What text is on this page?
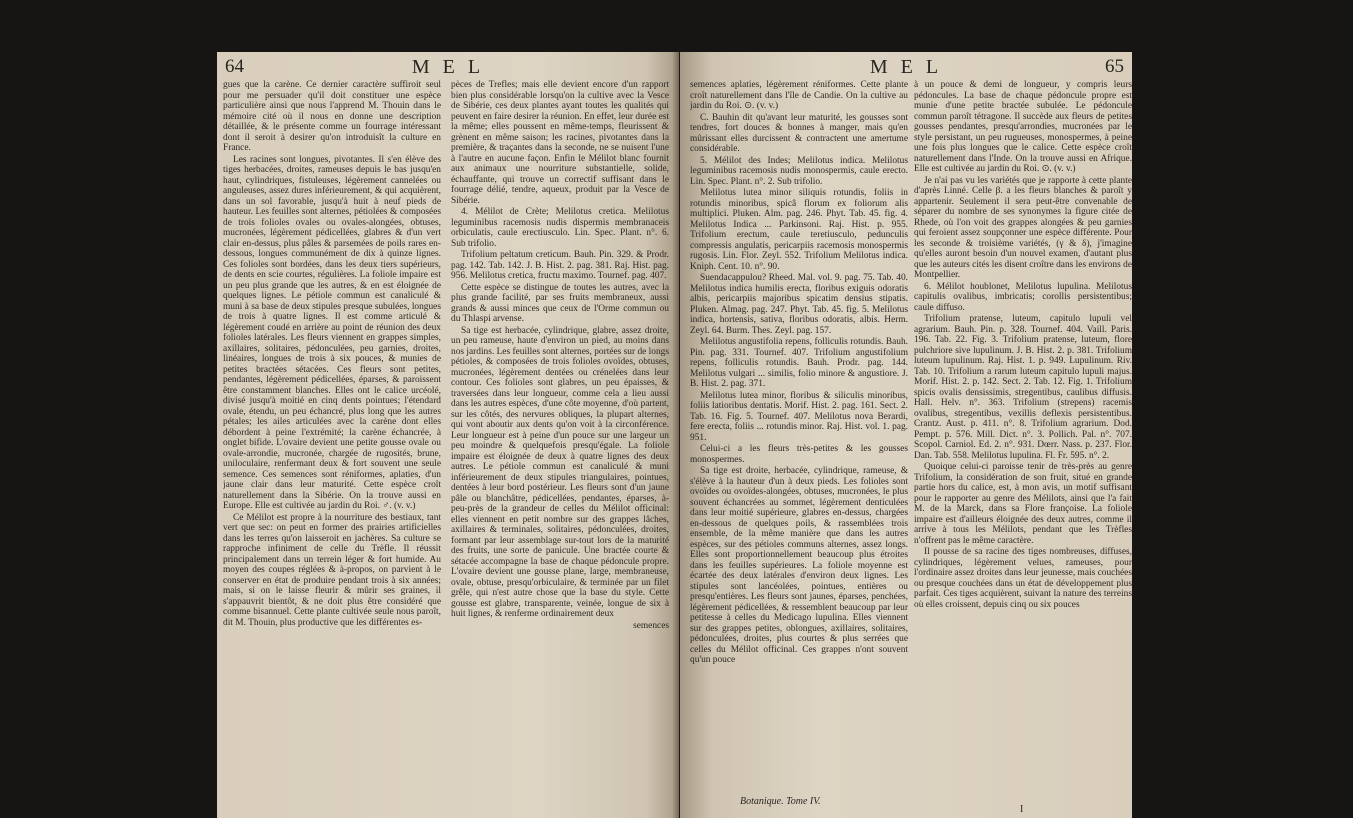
64	M E L

gues que la carène. Ce dernier caractère suffiroit seul pour me persuader qu'il doit constituer une espèce particulière ainsi que nous l'apprend M. Thouin dans le mémoire cité où il nous en donne une description détaillée, & le présente comme un fourrage intéressant dont il seroit à desirer qu'on introduisît la culture en France.

Les racines sont longues, pivotantes. Il s'en élève des tiges herbacées, droites, rameuses depuis le bas jusqu'en haut, cylindriques, fistuleuses, légèrement cannelées ou anguleuses, assez dures inférieurement, & qui acquièrent, dans un sol favorable, jusqu'à huit à neuf pieds de hauteur. Les feuilles sont alternes, pétiolées & composées de trois folioles ovales ou ovales-alongées, obtuses, mucronées, légèrement pédicellées, glabres & d'un vert clair en-dessus, plus pâles & parsemées de poils rares en-dessous, longues communément de dix à quinze lignes. Ces folioles sont bordées, dans les deux tiers supérieurs, de dents en scie courtes, régulières. La foliole impaire est un peu plus grande que les autres, & en est éloignée de quelques lignes. Le pétiole commun est canaliculé & muni à sa base de deux stipules presque subulées, longues de trois à quatre lignes. Il est comme articulé & légèrement coudé en arrière au point de réunion des deux folioles latérales. Les fleurs viennent en grappes simples, axillaires, solitaires, pédonculées, peu garnies, droites, linéaires, longues de trois à six pouces, & munies de petites bractées sétacées. Ces fleurs sont petites, pendantes, légèrement pédicellées, éparses, & paroissent être constamment blanches. Elles ont le calice urcéolé, divisé jusqu'à moitié en cinq dents pointues; l'étendard ovale, étendu, un peu échancré, plus long que les autres pétales; les ailes articulées avec la carène dont elles débordent à peine l'extrémité; la carène échancrée, à onglet bifide. L'ovaire devient une petite gousse ovale ou ovale-arrondie, mucronée, chargée de rugosités, brune, uniloculaire, renfermant deux & fort souvent une seule semence. Ces semences sont réniformes, aplaties, d'un jaune clair dans leur maturité. Cette espèce croît naturellement dans la Sibérie. On la trouve aussi en Europe. Elle est cultivée au jardin du Roi. ♂. (v. v.)

Ce Mélilot est propre à la nourriture des bestiaux, tant vert que sec: on peut en former des prairies artificielles dans les terres qu'on laisseroit en jachères. Sa culture se rapproche infiniment de celle du Trèfle. Il réussit principalement dans un terrein léger & fort humide. Au moyen des coupes réglées & à-propos, on parvient à le conserver en état de produire pendant trois à six années; mais, si on le laisse fleurir & mûrir ses graines, il s'appauvrit bientôt, & ne doit plus être considéré que comme bisannuel. Cette plante cultivée seule nous paroît, dit M. Thouin, plus productive que les différentes es-

pèces de Trefles; mais elle devient encore d'un rapport bien plus considérable lorsqu'on la cultive avec la Vesce de Sibérie, ces deux plantes ayant toutes les qualités qui peuvent en faire desirer la réunion. En effet, leur durée est la même; elles poussent en même-temps, fleurissent & grènent en même saison; les racines, pivotantes dans la première, & traçantes dans la seconde, ne se nuisent l'une à l'autre en aucune façon. Enfin le Mélilot blanc fournit aux animaux une nourriture substantielle, solide, échauffante, qui trouve un correctif suffisant dans le fourrage délié, tendre, aqueux, produit par la Vesce de Sibérie.

4. Mélilot de Crète; Melilotus cretica. Melilotus leguminibus racemosis nudis dispermis membranaceis orbiculatis, caule erectiusculo. Lin. Spec. Plant. n°. 6. Sub trifolio.

Trifolium peltatum creticum. Bauh. Pin. 329. & Prodr. pag. 142. Tab. 142. J. B. Hist. 2. pag. 381. Raj. Hist. pag. 956. Melilotus cretica, fructu maximo. Tournef. pag. 407.

Cette espèce se distingue de toutes les autres, avec la plus grande facilité, par ses fruits membraneux, aussi grands & aussi minces que ceux de l'Orme commun ou du Thlaspi arvense.

Sa tige est herbacée, cylindrique, glabre, assez droite, un peu rameuse, haute d'environ un pied, au moins dans nos jardins. Les feuilles sont alternes, portées sur de longs pétioles, & composées de trois folioles ovoïdes, obtuses, mucronées, légèrement dentées ou crénelées dans leur contour. Ces folioles sont glabres, un peu épaisses, & traversées dans leur longueur, comme cela a lieu aussi dans les autres espèces, d'une côte moyenne, d'où partent, sur les côtés, des nervures obliques, la plupart alternes, qui vont aboutir aux dents qu'on voit à la circonférence. Leur longueur est à peine d'un pouce sur une largeur un peu moindre & quelquefois presqu'égale. La foliole impaire est éloignée de deux à quatre lignes des deux autres. Le pétiole commun est canaliculé & muni inférieurement de deux stipules triangulaires, pointues, dentées à leur bord postérieur. Les fleurs sont d'un jaune pâle ou blanchâtre, pédicellées, pendantes, éparses, à-peu-près de la grandeur de celles du Mélilot officinal: elles viennent en petit nombre sur des grappes lâches, axillaires & terminales, solitaires, pédonculées, droites, formant par leur assemblage sur-tout lors de la maturité des fruits, une sorte de panicule. Une bractée courte & sétacée accompagne la base de chaque pédoncule propre. L'ovaire devient une gousse plane, large, membraneuse, ovale, obtuse, presqu'orbiculaire, & terminée par un filet grêle, qui n'est autre chose que la base du style. Cette gousse est glabre, transparente, veinée, longue de six à huit lignes, & renferme ordinairement deux

semences

M E L	65

semences aplaties, légèrement réniformes. Cette plante croît naturellement dans l'île de Candie. On la cultive au jardin du Roi. ⊙. (v. v.)

C. Bauhin dit qu'avant leur maturité, les gousses sont tendres, fort douces & bonnes à manger, mais qu'en mûrissant elles durcissent & contractent une amertume considérable.

5. Mélilot des Indes; Melilotus indica. Melilotus leguminibus racemosis nudis monospermis, caule erecto. Lin. Spec. Plant. n°. 2. Sub trifolio.

Melilotus lutea minor siliquis rotundis, foliis in rotundis minoribus, spicâ florum ex foliorum alis multiplici. Pluken. Alm. pag. 246. Phyt. Tab. 45. fig. 4. Melilotus Indica ... Parkinsoni. Raj. Hist. p. 955. Trifolium erectum, caule teretiusculo, pedunculis compressis angulatis, pericarpiis racemosis monospermis rugosis. Lin. Flor. Zeyl. 552. Trifolium Melilotus indica. Kniph. Cent. 10. n°. 90.

Suendacappulou? Rheed. Mal. vol. 9. pag. 75. Tab. 40. Melilotus indica humilis erecta, floribus exiguis odoratis albis, pericarpiis majoribus spicatim densius stipatis. Pluken. Almag. pag. 247. Phyt. Tab. 45. fig. 5. Melilotus indica, hortensis, sativa, floribus odoratis, albis. Herm. Zeyl. 64. Burm. Thes. Zeyl. pag. 157.

Melilotus angustifolia repens, folliculis rotundis. Bauh. Pin. pag. 331. Tournef. 407. Trifolium angustifolium repens, folliculis rotundis. Bauh. Prodr. pag. 144. Melilotus vulgari ... similis, folio minore & angustiore. J. B. Hist. 2. pag. 371.

Melilotus lutea minor, floribus & siliculis minoribus, foliis latioribus dentatis. Morif. Hist. 2. pag. 161. Sect. 2. Tab. 16. Fig. 5. Tournef. 407. Melilotus nova Berardi, fere erecta, foliis ... rotundis minor. Raj. Hist. vol. 1. pag. 951.

Celui-ci a les fleurs très-petites & les gousses monospermes.

Sa tige est droite, herbacée, cylindrique, rameuse, & s'élève à la hauteur d'un à deux pieds. Les folioles sont ovoïdes ou ovoïdes-alongées, obtuses, mucronées, le plus souvent échancrées au sommet, légèrement denticulées dans leur moitié supérieure, glabres en-dessus, chargées en-dessous de quelques poils, & rassemblées trois ensemble, de la même manière que dans les autres espèces, sur des pétioles communs alternes, assez longs. Elles sont proportionnellement beaucoup plus étroites dans les feuilles supérieures. La foliole moyenne est écartée des deux latérales d'environ deux lignes. Les stipules sont lancéolées, pointues, entières ou presqu'entières. Les fleurs sont jaunes, éparses, penchées, légèrement pédicellées, & ressemblent beaucoup par leur petitesse à celles du Medicago lupulina. Elles viennent sur des grappes petites, oblongues, axillaires, solitaires, pédonculées, droites, plus courtes & plus serrées que celles du Mélilot officinal. Ces grappes n'ont souvent qu'un pouce

à un pouce & demi de longueur, y compris leurs pédoncules. La base de chaque pédoncule propre est munie d'une petite bractée subulée. Le pédoncule commun paroît tétragone. Il succède aux fleurs de petites gousses pendantes, presqu'arrondies, mucronées par le style persistant, un peu rugueuses, monospermes, à peine une fois plus longues que le calice. Cette espèce croît naturellement dans l'Inde. On la trouve aussi en Afrique. Elle est cultivée au jardin du Roi. ⊙. (v. v.)

Je n'ai pas vu les variétés que je rapporte à cette plante d'après Linné. Celle β. a les fleurs blanches & paroît y appartenir. Seulement il sera peut-être convenable de séparer du nombre de ses synonymes la figure citée de Rhede, où l'on voit des grappes alongées & peu garnies qui feroient assez soupçonner une espèce différente. Pour les seconde & troisième variétés, (γ & δ), j'imagine qu'elles auront besoin d'un nouvel examen, d'autant plus que les auteurs cités les disent croître dans les environs de Montpellier.

6. Mélilot houblonet, Melilotus lupulina. Melilotus capitulis ovalibus, imbricatis; corollis persistentibus; caule diffuso.

Trifolium pratense, luteum, capitulo lupuli vel agrarium. Bauh. Pin. p. 328. Tournef. 404. Vaill. Paris. 196. Tab. 22. Fig. 3. Trifolium pratense, luteum, flore pulchriore sive lupulinum. J. B. Hist. 2. p. 381. Trifolium luteum lupulinum. Raj. Hist. 1. p. 949. Lupulinum. Riv. Tab. 10. Trifolium a rarum luteum capitulo lupuli majus. Morif. Hist. 2. p. 142. Sect. 2. Tab. 12. Fig. 1. Trifolium spicis ovalis densissimis, stregentibus, caulibus diffusis. Hall. Helv. n°. 363. Trifolium (strepens) racemis ovalibus, stregentibus, vexillis deflexis persistentibus. Crantz. Aust. p. 411. n°. 8. Trifolium agrarium. Dod. Pempt. p. 576. Mill. Dict. n°. 3. Pollich. Pal. n°. 707. Scopol. Carniol. Ed. 2. n°. 931. Dœrr. Nass. p. 237. Flor. Dan. Tab. 558. Melilotus lupulina. Fl. Fr. 595. n°. 2.

Quoique celui-ci paroisse tenir de très-près au genre Trifolium, la considération de son fruit, situé en grande partie hors du calice, est, à mon avis, un motif suffisant pour le rapporter au genre des Mélilots, ainsi que l'a fait M. de la Marck, dans sa Flore françoise. La foliole impaire est d'ailleurs éloignée des deux autres, comme il arrive à tous les Mélilots, pendant que les Trèfles n'offrent pas le même caractère.

Il pousse de sa racine des tiges nombreuses, diffuses, cylindriques, légèrement velues, rameuses, pour l'ordinaire assez droites dans leur jeunesse, mais couchées ou presque couchées dans un état de développement plus parfait. Ces tiges acquièrent, suivant la nature des terreins où elles croissent, depuis cinq ou six pouces

Botanique. Tome IV.
I
